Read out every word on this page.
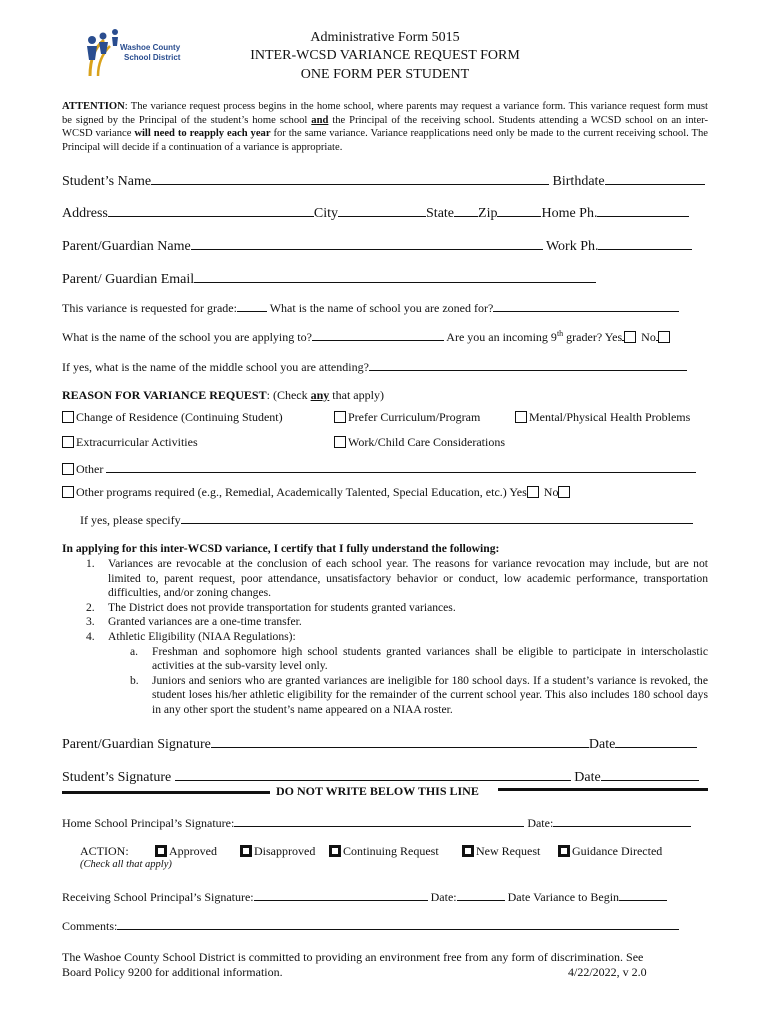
Washoe County
School District
Administrative Form 5015
INTER-WCSD VARIANCE REQUEST FORM
ONE FORM PER STUDENT
ATTENTION: The variance request process begins in the home school, where parents may request a variance form. This variance request form must be signed by the Principal of the student’s home school and the Principal of the receiving school. Students attending a WCSD school on an inter-WCSD variance will need to reapply each year for the same variance. Variance reapplications need only be made to the current receiving school. The Principal will decide if a continuation of a variance is appropriate.
Student’s Name	Birthdate
Address	City	State Zip	Home Ph.
Parent/Guardian Name	Work Ph.
Parent/ Guardian Email
This variance is requested for grade:	What is the name of school you are zoned for?
What is the name of the school you are applying to?	Are you an incoming 9th grader? Yes No
If yes, what is the name of the middle school you are attending?
REASON FOR VARIANCE REQUEST: (Check any that apply)
Change of Residence (Continuing Student)	Prefer Curriculum/Program	Mental/Physical Health Problems
Extracurricular Activities	Work/Child Care Considerations
Other
Other programs required (e.g., Remedial, Academically Talented, Special Education, etc.) Yes No
If yes, please specify
In applying for this inter-WCSD variance, I certify that I fully understand the following:
1. Variances are revocable at the conclusion of each school year. The reasons for variance revocation may include, but are not limited to, parent request, poor attendance, unsatisfactory behavior or conduct, low academic performance, transportation difficulties, and/or zoning changes.
2. The District does not provide transportation for students granted variances.
3. Granted variances are a one-time transfer.
4. Athletic Eligibility (NIAA Regulations):
a. Freshman and sophomore high school students granted variances shall be eligible to participate in interscholastic activities at the sub-varsity level only.
b. Juniors and seniors who are granted variances are ineligible for 180 school days. If a student’s variance is revoked, the student loses his/her athletic eligibility for the remainder of the current school year. This also includes 180 school days in any other sport the student’s name appeared on a NIAA roster.
Parent/Guardian Signature	Date
Student’s Signature	Date
DO NOT WRITE BELOW THIS LINE
Home School Principal’s Signature:	Date:
ACTION:	Approved	Disapproved	Continuing Request	New Request	Guidance Directed
(Check all that apply)
Receiving School Principal’s Signature:	Date:	Date Variance to Begin
Comments:
The Washoe County School District is committed to providing an environment free from any form of discrimination. See
Board Policy 9200 for additional information.	4/22/2022, v 2.0
